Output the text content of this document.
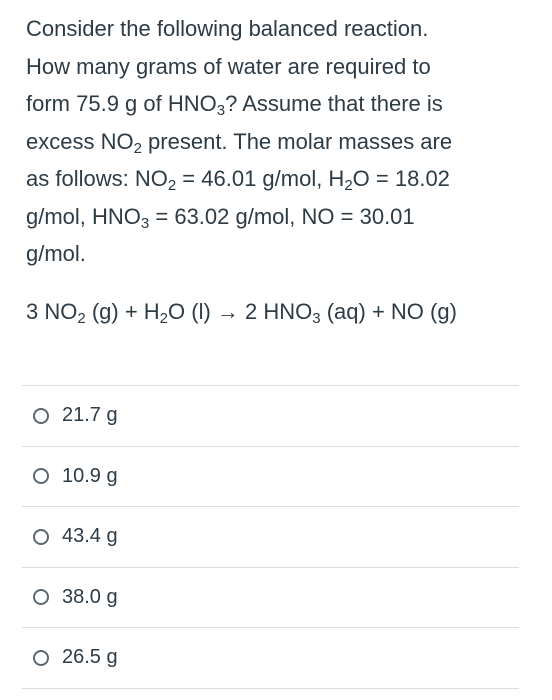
Consider the following balanced reaction.

How many grams of water are required to

form 75.9 g of $HNO_3$? Assume that there is

excess $NO_2$ present. The molar masses are

as follows: $NO_2 = 46.01$ g/mol, $H_2O = 18.02$

g/mol, $HNO_3 = 63.02$ g/mol, NO = 30.01

g/mol.

3 $NO_2$ $(g) + H_2O$ (l) → 2 $HNO_3$ (aq) + NO (g)
21.7 g
10.9 g
43.4 g
38.0 g
26.5 g
